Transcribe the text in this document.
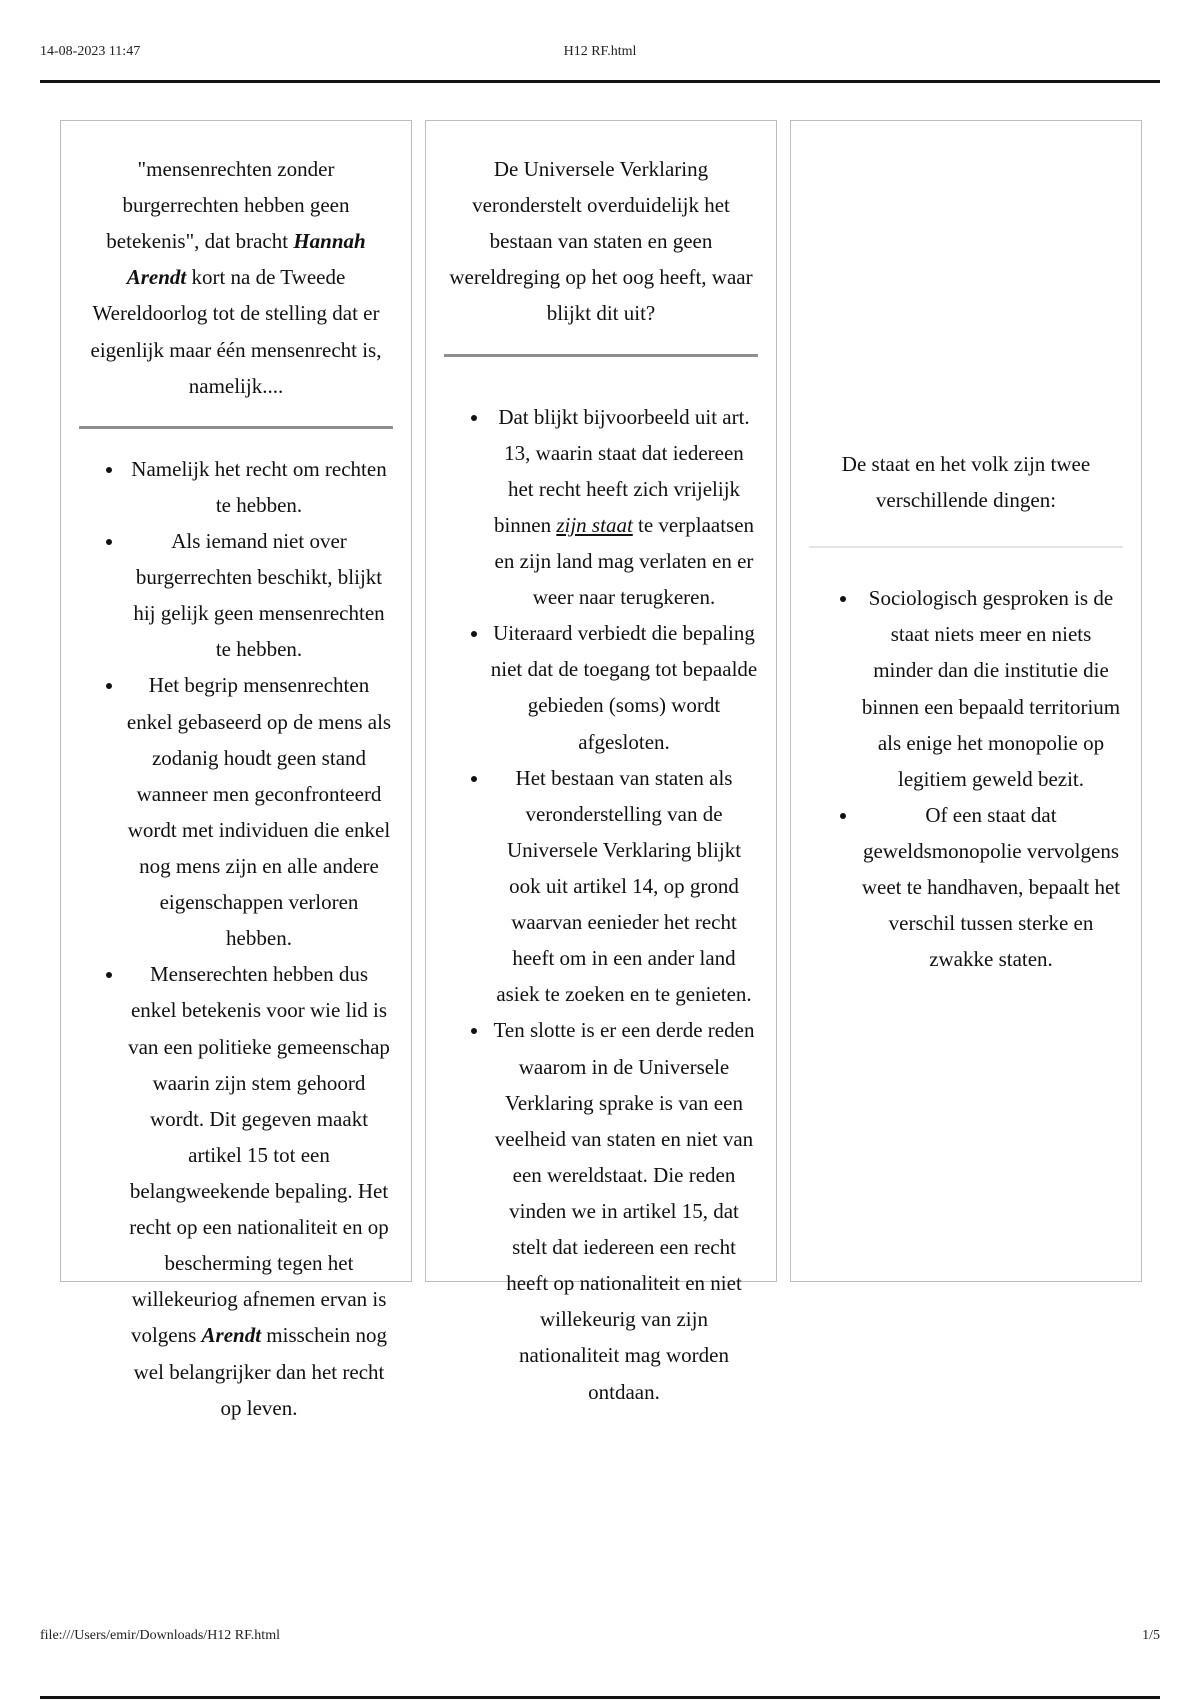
14-08-2023 11:47	H12 RF.html
"mensenrechten zonder burgerrechten hebben geen betekenis", dat bracht Hannah Arendt kort na de Tweede Wereldoorlog tot de stelling dat er eigenlijk maar één mensenrecht is, namelijk....
• Namelijk het recht om rechten te hebben.
• Als iemand niet over burgerrechten beschikt, blijkt hij gelijk geen mensenrechten te hebben.
• Het begrip mensenrechten enkel gebaseerd op de mens als zodanig houdt geen stand wanneer men geconfronteerd wordt met individuen die enkel nog mens zijn en alle andere eigenschappen verloren hebben.
• Menserechten hebben dus enkel betekenis voor wie lid is van een politieke gemeenschap waarin zijn stem gehoord wordt. Dit gegeven maakt artikel 15 tot een belangweekende bepaling. Het recht op een nationaliteit en op bescherming tegen het willekeuriog afnemen ervan is volgens Arendt misschein nog wel belangrijker dan het recht op leven.
De Universele Verklaring veronderstelt overduidelijk het bestaan van staten en geen wereldreging op het oog heeft, waar blijkt dit uit?
• Dat blijkt bijvoorbeeld uit art. 13, waarin staat dat iedereen het recht heeft zich vrijelijk binnen zijn staat te verplaatsen en zijn land mag verlaten en er weer naar terugkeren.
• Uiteraard verbiedt die bepaling niet dat de toegang tot bepaalde gebieden (soms) wordt afgesloten.
• Het bestaan van staten als veronderstelling van de Universele Verklaring blijkt ook uit artikel 14, op grond waarvan eenieder het recht heeft om in een ander land asiek te zoeken en te genieten.
• Ten slotte is er een derde reden waarom in de Universele Verklaring sprake is van een veelheid van staten en niet van een wereldstaat. Die reden vinden we in artikel 15, dat stelt dat iedereen een recht heeft op nationaliteit en niet willekeurig van zijn nationaliteit mag worden ontdaan.
De staat en het volk zijn twee verschillende dingen:
• Sociologisch gesproken is de staat niets meer en niets minder dan die institutie die binnen een bepaald territorium als enige het monopolie op legitiem geweld bezit.
• Of een staat dat geweldsmonopolie vervolgens weet te handhaven, bepaalt het verschil tussen sterke en zwakke staten.
file:///Users/emir/Downloads/H12 RF.html	1/5
